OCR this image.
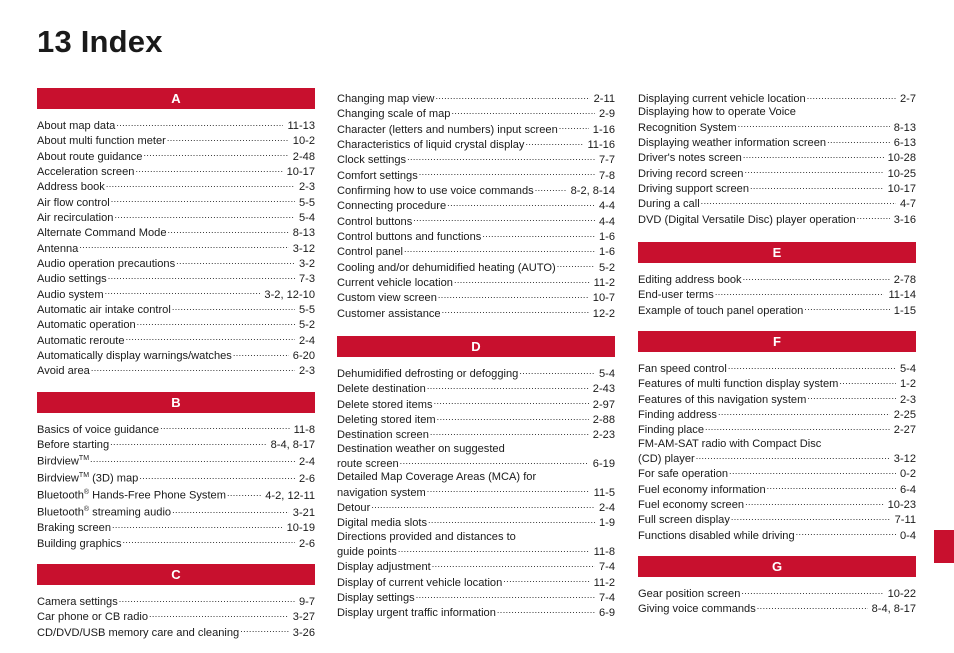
13 Index
A
About map data .....	11-13
About multi function meter .....	10-2
About route guidance .....	2-48
Acceleration screen .....	10-17
Address book .....	2-3
Air flow control .....	5-5
Air recirculation .....	5-4
Alternate Command Mode .....	8-13
Antenna .....	3-12
Audio operation precautions .....	3-2
Audio settings .....	7-3
Audio system .....	3-2, 12-10
Automatic air intake control .....	5-5
Automatic operation .....	5-2
Automatic reroute .....	2-4
Automatically display warnings/watches .....	6-20
Avoid area .....	2-3
B
Basics of voice guidance .....	11-8
Before starting .....	8-4, 8-17
Birdview™ .....	2-4
Birdview™ (3D) map .....	2-6
Bluetooth® Hands-Free Phone System .....	4-2, 12-11
Bluetooth® streaming audio .....	3-21
Braking screen .....	10-19
Building graphics .....	2-6
C
Camera settings .....	9-7
Car phone or CB radio .....	3-27
CD/DVD/USB memory care and cleaning .....	3-26
Changing map view .....	2-11
Changing scale of map .....	2-9
Character (letters and numbers) input screen .....	1-16
Characteristics of liquid crystal display .....	11-16
Clock settings .....	7-7
Comfort settings .....	7-8
Confirming how to use voice commands .....	8-2, 8-14
Connecting procedure .....	4-4
Control buttons .....	4-4
Control buttons and functions .....	1-6
Control panel .....	1-6
Cooling and/or dehumidified heating (AUTO) .....	5-2
Current vehicle location .....	11-2
Custom view screen .....	10-7
Customer assistance .....	12-2
D
Dehumidified defrosting or defogging .....	5-4
Delete destination .....	2-43
Delete stored items .....	2-97
Deleting stored item .....	2-88
Destination screen .....	2-23
Destination weather on suggested
route screen .....	6-19
Detailed Map Coverage Areas (MCA) for
navigation system .....	11-5
Detour .....	2-4
Digital media slots .....	1-9
Directions provided and distances to
guide points .....	11-8
Display adjustment .....	7-4
Display of current vehicle location .....	11-2
Display settings .....	7-4
Display urgent traffic information .....	6-9
Displaying current vehicle location .....	2-7
Displaying how to operate Voice
Recognition System .....	8-13
Displaying weather information screen .....	6-13
Driver's notes screen .....	10-28
Driving record screen .....	10-25
Driving support screen .....	10-17
During a call .....	4-7
DVD (Digital Versatile Disc) player operation .....	3-16
E
Editing address book .....	2-78
End-user terms .....	11-14
Example of touch panel operation .....	1-15
F
Fan speed control .....	5-4
Features of multi function display system .....	1-2
Features of this navigation system .....	2-3
Finding address .....	2-25
Finding place .....	2-27
FM-AM-SAT radio with Compact Disc
(CD) player .....	3-12
For safe operation .....	0-2
Fuel economy information .....	6-4
Fuel economy screen .....	10-23
Full screen display .....	7-11
Functions disabled while driving .....	0-4
G
Gear position screen .....	10-22
Giving voice commands .....	8-4, 8-17
